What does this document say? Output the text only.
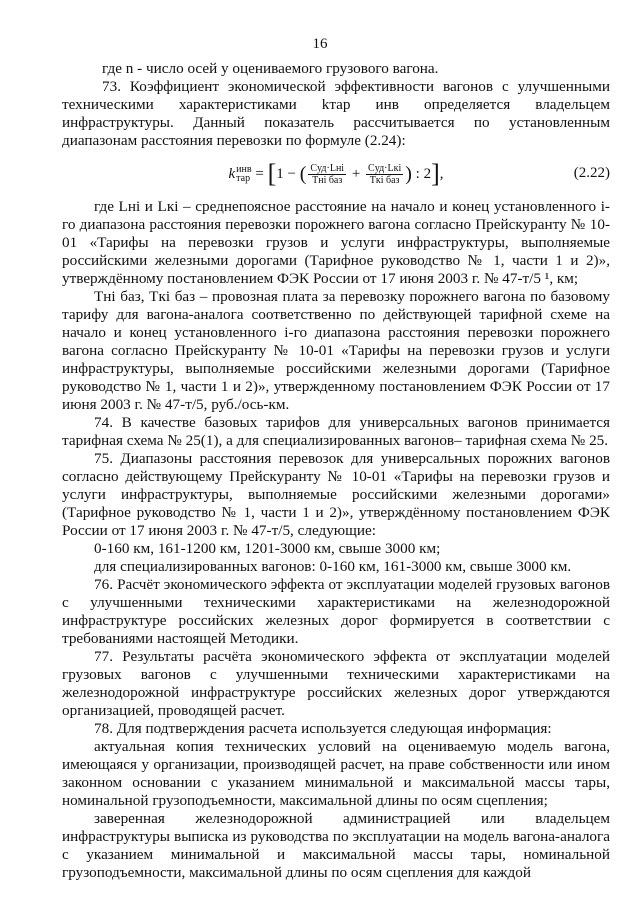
16

где n - число осей у оцениваемого грузового вагона.

73. Коэффициент экономической эффективности вагонов с улучшенными техническими характеристиками kтар инв определяется владельцем инфраструктуры. Данный показатель рассчитывается по установленным диапазонам расстояния перевозки по формуле (2.24):

k инв
тар = [ 1 − ( $\frac{\text{Cуд·Lнi}}{\text{Tнi баз}} + \frac{\text{Cуд·Lкi}}{\text{Tкi баз}}$ ) : 2 ] ,	(2.22)

где Lнi и Lкi – среднепоясное расстояние на начало и конец установленного i-го диапазона расстояния перевозки порожнего вагона согласно Прейскуранту № 10-01 «Тарифы на перевозки грузов и услуги инфраструктуры, выполняемые российскими железными дорогами (Тарифное руководство № 1, части 1 и 2)», утверждённому постановлением ФЭК России от 17 июня 2003 г. № 47-т/5 ¹, км;

Tнi баз, Tкi баз – провозная плата за перевозку порожнего вагона по базовому тарифу для вагона-аналога соответственно по действующей тарифной схеме на начало и конец установленного i-го диапазона расстояния перевозки порожнего вагона согласно Прейскуранту № 10-01 «Тарифы на перевозки грузов и услуги инфраструктуры, выполняемые российскими железными дорогами (Тарифное руководство № 1, части 1 и 2)», утвержденному постановлением ФЭК России от 17 июня 2003 г. № 47-т/5, руб./ось-км.

74. В качестве базовых тарифов для универсальных вагонов принимается тарифная схема № 25(1), а для специализированных вагонов– тарифная схема № 25.

75. Диапазоны расстояния перевозок для универсальных порожних вагонов согласно действующему Прейскуранту № 10-01 «Тарифы на перевозки грузов и услуги инфраструктуры, выполняемые российскими железными дорогами» (Тарифное руководство № 1, части 1 и 2)», утверждённому постановлением ФЭК России от 17 июня 2003 г. № 47-т/5, следующие:

0-160 км, 161-1200 км, 1201-3000 км, свыше 3000 км;

для специализированных вагонов: 0-160 км, 161-3000 км, свыше 3000 км.

76. Расчёт экономического эффекта от эксплуатации моделей грузовых вагонов с улучшенными техническими характеристиками на железнодорожной инфраструктуре российских железных дорог формируется в соответствии с требованиями настоящей Методики.

77. Результаты расчёта экономического эффекта от эксплуатации моделей грузовых вагонов с улучшенными техническими характеристиками на железнодорожной инфраструктуре российских железных дорог утверждаются организацией, проводящей расчет.

78. Для подтверждения расчета используется следующая информация:

актуальная копия технических условий на оцениваемую модель вагона, имеющаяся у организации, производящей расчет, на праве собственности или ином законном основании с указанием минимальной и максимальной массы тары, номинальной грузоподъемности, максимальной длины по осям сцепления;

заверенная железнодорожной администрацией или владельцем инфраструктуры выписка из руководства по эксплуатации на модель вагона-аналога с указанием минимальной и максимальной массы тары, номинальной грузоподъемности, максимальной длины по осям сцепления для каждой
